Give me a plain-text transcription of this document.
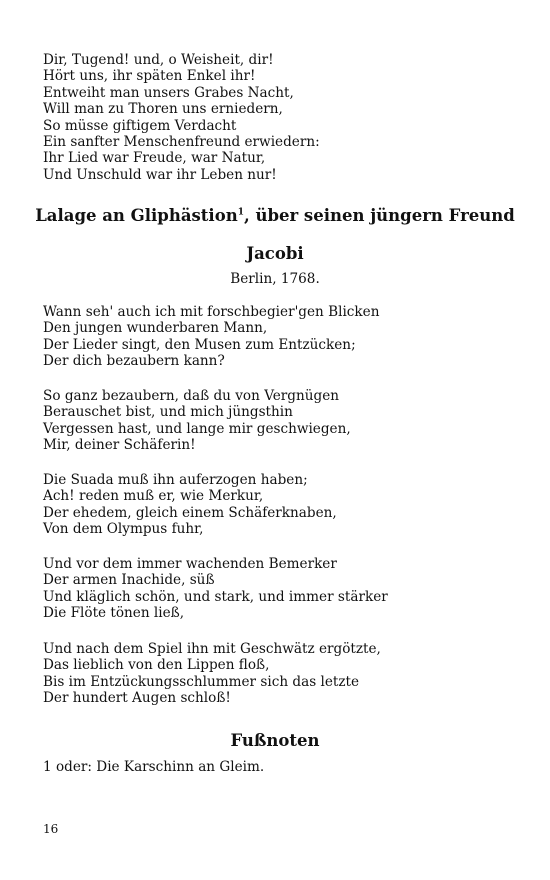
Dir, Tugend! und, o Weisheit, dir!
Hört uns, ihr späten Enkel ihr!
Entweiht man unsers Grabes Nacht,
Will man zu Thoren uns erniedern,
So müsse giftigem Verdacht
Ein sanfter Menschenfreund erwiedern:
Ihr Lied war Freude, war Natur,
Und Unschuld war ihr Leben nur!
Lalage an Gliphästion$^1$, über seinen jüngern Freund
Jacobi
Berlin, 1768.
Wann seh' auch ich mit forschbegier'gen Blicken
Den jungen wunderbaren Mann,
Der Lieder singt, den Musen zum Entzücken;
Der dich bezaubern kann?
So ganz bezaubern, daß du von Vergnügen
Berauschet bist, und mich jüngsthin
Vergessen hast, und lange mir geschwiegen,
Mir, deiner Schäferin!
Die Suada muß ihn auferzogen haben;
Ach! reden muß er, wie Merkur,
Der ehedem, gleich einem Schäferknaben,
Von dem Olympus fuhr,
Und vor dem immer wachenden Bemerker
Der armen Inachide, süß
Und kläglich schön, und stark, und immer stärker
Die Flöte tönen ließ,
Und nach dem Spiel ihn mit Geschwätz ergötzte,
Das lieblich von den Lippen floß,
Bis im Entzückungsschlummer sich das letzte
Der hundert Augen schloß!
Fußnoten
1 oder: Die Karschinn an Gleim.
16
